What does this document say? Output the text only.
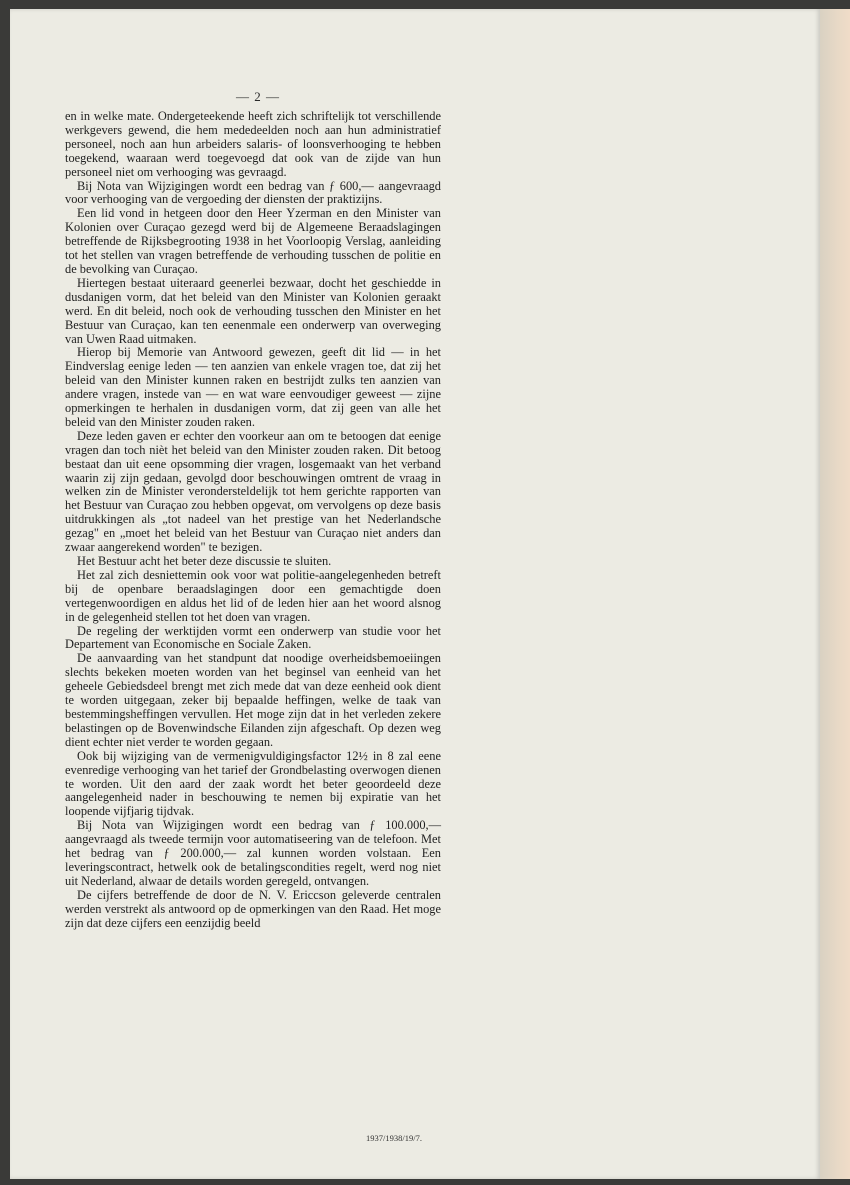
— 2 —

en in welke mate. Ondergeteekende heeft zich schriftelijk tot verschillende werkgevers gewend, die hem mededeelden noch aan hun administratief personeel, noch aan hun arbeiders salaris- of loonsverhooging te hebben toegekend, waaraan werd toegevoegd dat ook van de zijde van hun personeel niet om verhooging was gevraagd.

Bij Nota van Wijzigingen wordt een bedrag van ƒ 600,— aangevraagd voor verhooging van de vergoeding der diensten der praktizijns.

Een lid vond in hetgeen door den Heer Yzerman en den Minister van Kolonien over Curaçao gezegd werd bij de Algemeene Beraadslagingen betreffende de Rijksbegrooting 1938 in het Voorloopig Verslag, aanleiding tot het stellen van vragen betreffende de verhouding tusschen de politie en de bevolking van Curaçao.

Hiertegen bestaat uiteraard geenerlei bezwaar, docht het geschiedde in dusdanigen vorm, dat het beleid van den Minister van Kolonien geraakt werd. En dit beleid, noch ook de verhouding tusschen den Minister en het Bestuur van Curaçao, kan ten eenenmale een onderwerp van overweging van Uwen Raad uitmaken.

Hierop bij Memorie van Antwoord gewezen, geeft dit lid — in het Eindverslag eenige leden — ten aanzien van enkele vragen toe, dat zij het beleid van den Minister kunnen raken en bestrijdt zulks ten aanzien van andere vragen, instede van — en wat ware eenvoudiger geweest — zijne opmerkingen te herhalen in dusdanigen vorm, dat zij geen van alle het beleid van den Minister zouden raken.

Deze leden gaven er echter den voorkeur aan om te betoogen dat eenige vragen dan toch nièt het beleid van den Minister zouden raken. Dit betoog bestaat dan uit eene opsomming dier vragen, losgemaakt van het verband waarin zij zijn gedaan, gevolgd door beschouwingen omtrent de vraag in welken zin de Minister verondersteldelijk tot hem gerichte rapporten van het Bestuur van Curaçao zou hebben opgevat, om vervolgens op deze basis uitdrukkingen als „tot nadeel van het prestige van het Nederlandsche gezag" en „moet het beleid van het Bestuur van Curaçao niet anders dan zwaar aangerekend worden" te bezigen.

Het Bestuur acht het beter deze discussie te sluiten.

Het zal zich desniettemin ook voor wat politie-aangelegenheden betreft bij de openbare beraadslagingen door een gemachtigde doen vertegenwoordigen en aldus het lid of de leden hier aan het woord alsnog in de gelegenheid stellen tot het doen van vragen.

De regeling der werktijden vormt een onderwerp van studie voor het Departement van Economische en Sociale Zaken.

De aanvaarding van het standpunt dat noodige overheidsbemoeiingen slechts bekeken moeten worden van het beginsel van eenheid van het geheele Gebiedsdeel brengt met zich mede dat van deze eenheid ook dient te worden uitgegaan, zeker bij bepaalde heffingen, welke de taak van bestemmingsheffingen vervullen. Het moge zijn dat in het verleden zekere belastingen op de Bovenwindsche Eilanden zijn afgeschaft. Op dezen weg dient echter niet verder te worden gegaan.

Ook bij wijziging van de vermenigvuldigingsfactor 12½ in 8 zal eene evenredige verhooging van het tarief der Grondbelasting overwogen dienen te worden. Uit den aard der zaak wordt het beter geoordeeld deze aangelegenheid nader in beschouwing te nemen bij expiratie van het loopende vijfjarig tijdvak.

Bij Nota van Wijzigingen wordt een bedrag van ƒ 100.000,— aangevraagd als tweede termijn voor automatiseering van de telefoon. Met het bedrag van ƒ 200.000,— zal kunnen worden volstaan. Een leveringscontract, hetwelk ook de betalingscondities regelt, werd nog niet uit Nederland, alwaar de details worden geregeld, ontvangen.

De cijfers betreffende de door de N. V. Ericcson geleverde centralen werden verstrekt als antwoord op de opmerkingen van den Raad. Het moge zijn dat deze cijfers een eenzijdig beeld

1937/1938/19/7.
